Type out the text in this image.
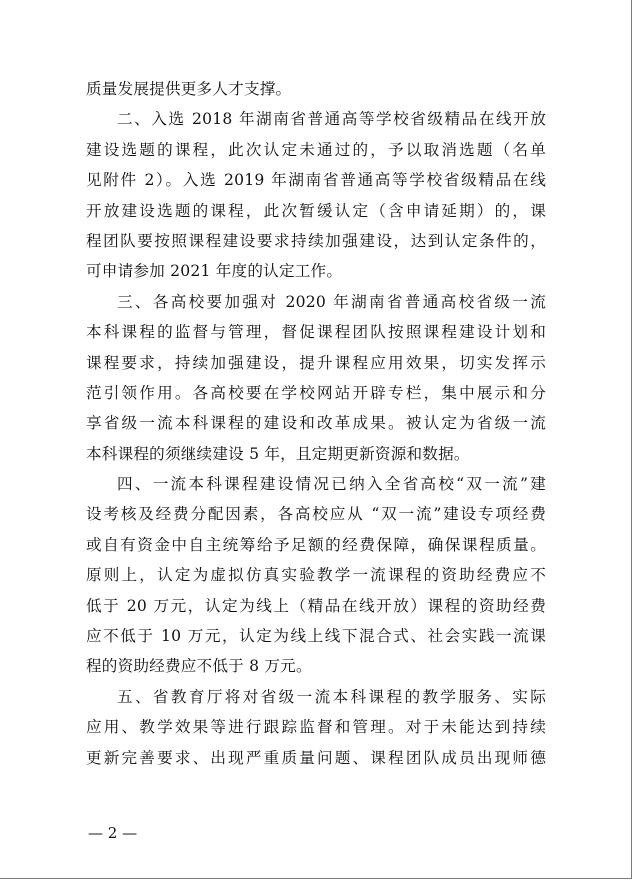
质量发展提供更多人才支撑。
二、入选 2018 年湖南省普通高等学校省级精品在线开放
建设选题的课程，此次认定未通过的，予以取消选题（名单
见附件 2）。入选 2019 年湖南省普通高等学校省级精品在线
开放建设选题的课程，此次暂缓认定（含申请延期）的，课
程团队要按照课程建设要求持续加强建设，达到认定条件的，
可申请参加 2021 年度的认定工作。
三、各高校要加强对 2020 年湖南省普通高校省级一流
本科课程的监督与管理，督促课程团队按照课程建设计划和
课程要求，持续加强建设，提升课程应用效果，切实发挥示
范引领作用。各高校要在学校网站开辟专栏，集中展示和分
享省级一流本科课程的建设和改革成果。被认定为省级一流
本科课程的须继续建设 5 年，且定期更新资源和数据。
四、一流本科课程建设情况已纳入全省高校“双一流”建
设考核及经费分配因素，各高校应从 “双一流”建设专项经费
或自有资金中自主统筹给予足额的经费保障，确保课程质量。
原则上，认定为虚拟仿真实验教学一流课程的资助经费应不
低于 20 万元，认定为线上（精品在线开放）课程的资助经费
应不低于 10 万元，认定为线上线下混合式、社会实践一流课
程的资助经费应不低于 8 万元。
五、省教育厅将对省级一流本科课程的教学服务、实际
应用、教学效果等进行跟踪监督和管理。对于未能达到持续
更新完善要求、出现严重质量问题、课程团队成员出现师德
— 2 —
